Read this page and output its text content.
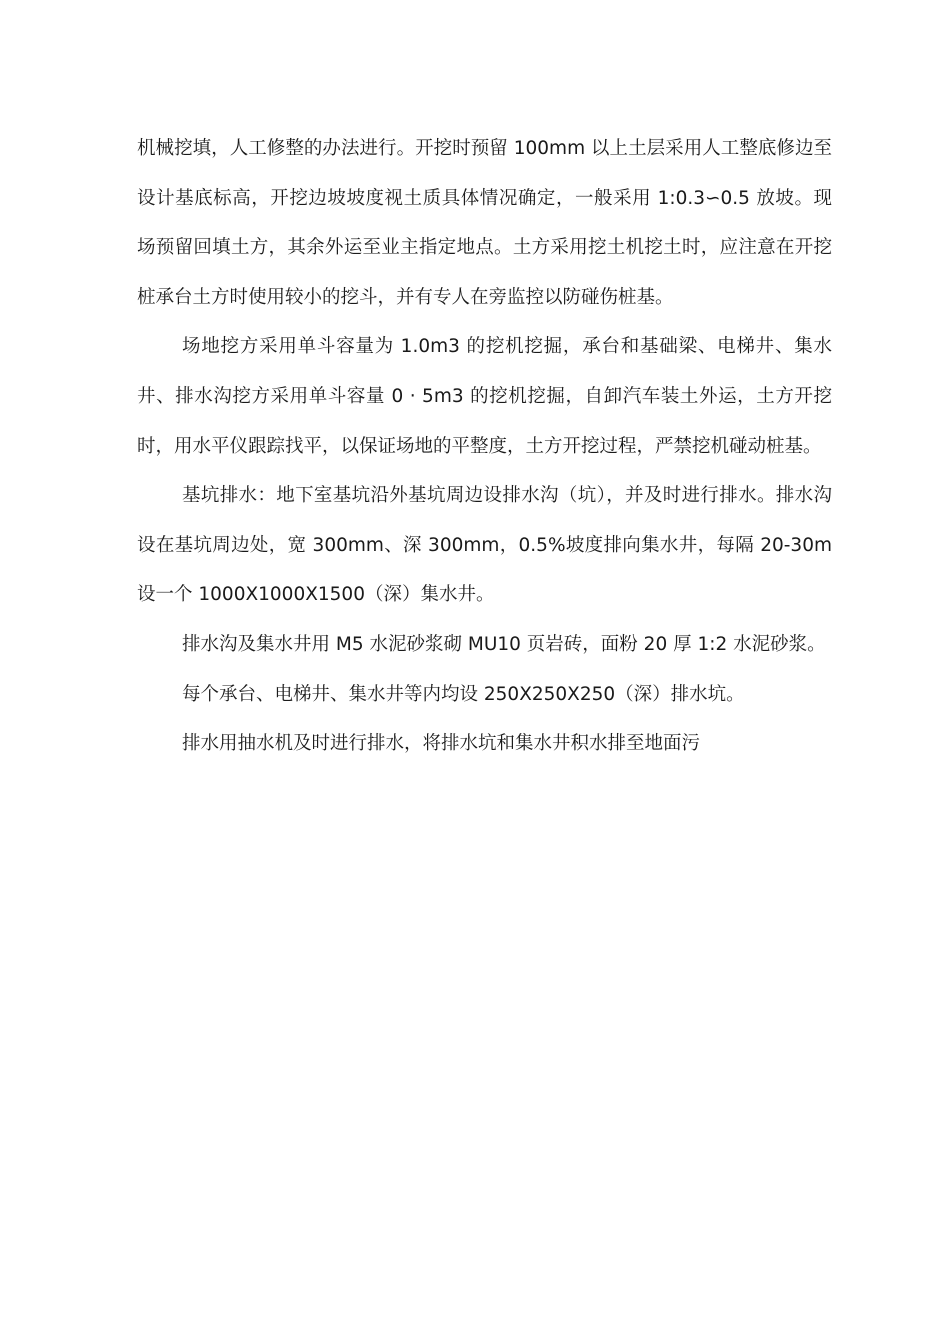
机械挖填，人工修整的办法进行。开挖时预留 100mm 以上土层采用人工整底修边至设计基底标高，开挖边坡坡度视土质具体情况确定，一般采用 1:0.3∽0.5 放坡。现场预留回填土方，其余外运至业主指定地点。土方采用挖土机挖土时，应注意在开挖桩承台土方时使用较小的挖斗，并有专人在旁监控以防碰伤桩基。

场地挖方采用单斗容量为 1.0m3 的挖机挖掘，承台和基础梁、电梯井、集水井、排水沟挖方采用单斗容量 0 · 5m3 的挖机挖掘，自卸汽车装土外运，土方开挖时，用水平仪跟踪找平，以保证场地的平整度，土方开挖过程，严禁挖机碰动桩基。

基坑排水：地下室基坑沿外基坑周边设排水沟（坑），并及时进行排水。排水沟设在基坑周边处，宽 300mm、深 300mm，0.5%坡度排向集水井，每隔 20-30m 设一个 1000X1000X1500（深）集水井。

排水沟及集水井用 M5 水泥砂浆砌 MU10 页岩砖，面粉 20 厚 1:2 水泥砂浆。

每个承台、电梯井、集水井等内均设 250X250X250（深）排水坑。

排水用抽水机及时进行排水，将排水坑和集水井积水排至地面污
